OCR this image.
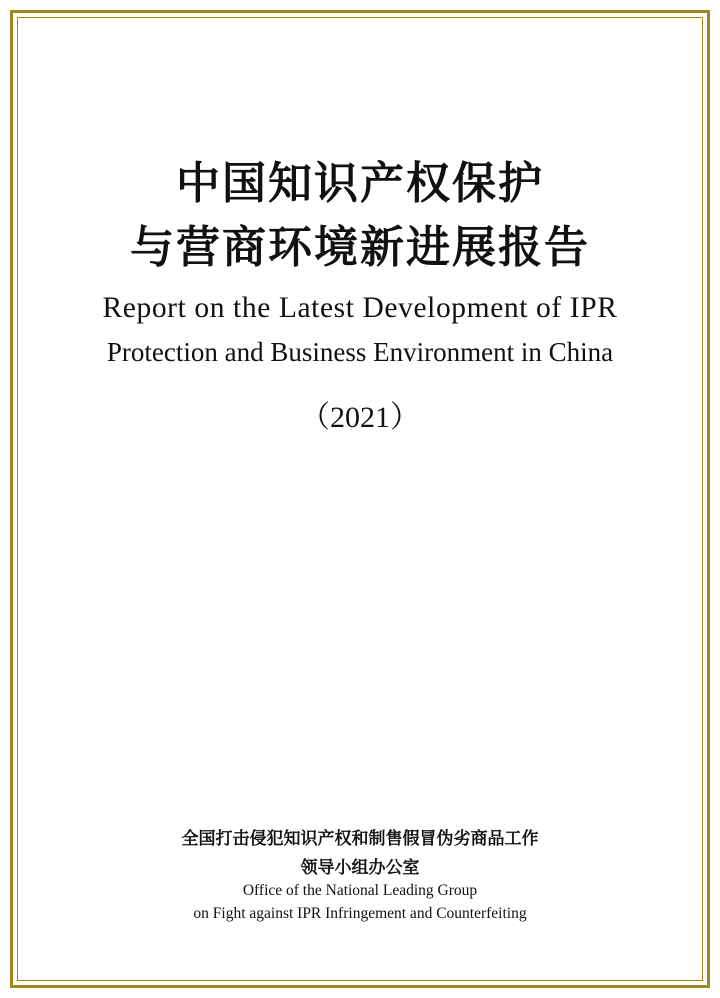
中国知识产权保护
与营商环境新进展报告
Report on the Latest Development of IPR
Protection and Business Environment in China
（2021）
全国打击侵犯知识产权和制售假冒伪劣商品工作
领导小组办公室
Office of the National Leading Group
on Fight against IPR Infringement and Counterfeiting
